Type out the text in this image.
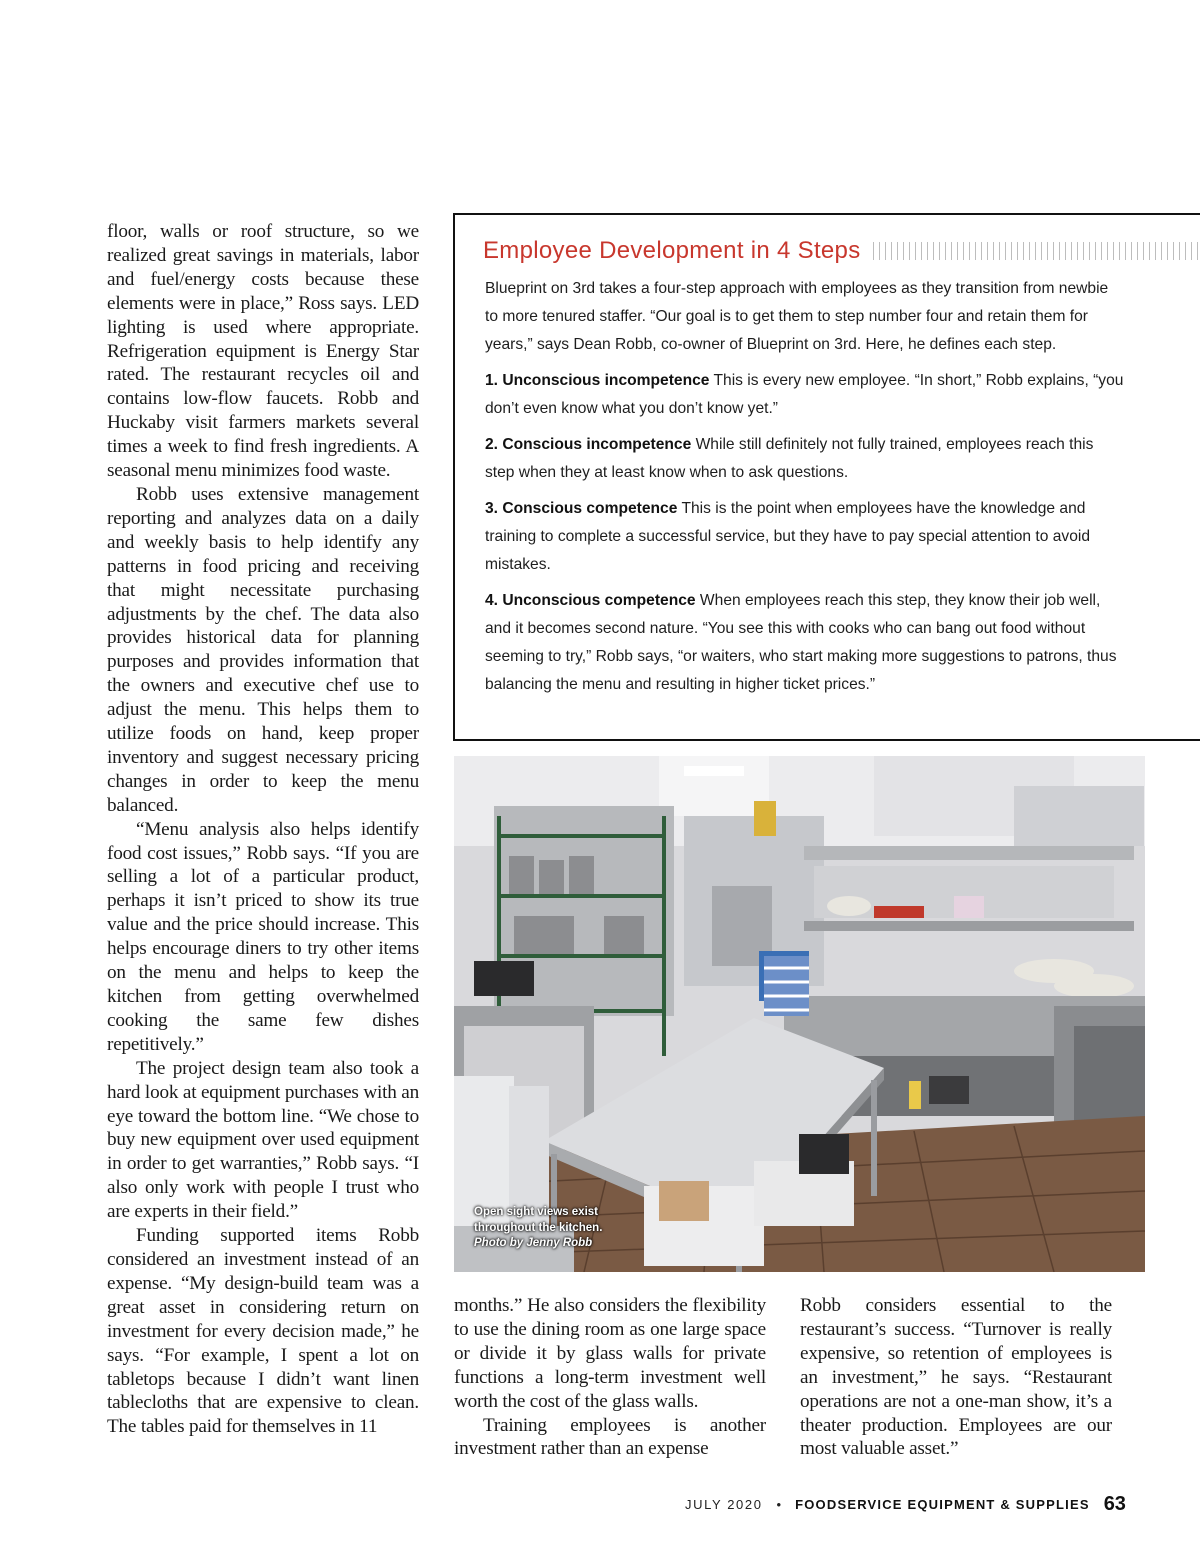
floor, walls or roof structure, so we realized great savings in materials, labor and fuel/energy costs because these elements were in place,” Ross says. LED lighting is used where appropriate. Refrigeration equipment is Energy Star rated. The restaurant recycles oil and contains low-flow faucets. Robb and Huckaby visit farmers markets several times a week to find fresh ingredients. A seasonal menu minimizes food waste.

Robb uses extensive management reporting and analyzes data on a daily and weekly basis to help identify any patterns in food pricing and receiving that might necessitate purchasing adjustments by the chef. The data also provides historical data for planning purposes and provides information that the owners and executive chef use to adjust the menu. This helps them to utilize foods on hand, keep proper inventory and suggest necessary pricing changes in order to keep the menu balanced.

“Menu analysis also helps identify food cost issues,” Robb says. “If you are selling a lot of a particular product, perhaps it isn’t priced to show its true value and the price should increase. This helps encourage diners to try other items on the menu and helps to keep the kitchen from getting overwhelmed cooking the same few dishes repetitively.”

The project design team also took a hard look at equipment purchases with an eye toward the bottom line. “We chose to buy new equipment over used equipment in order to get warranties,” Robb says. “I also only work with people I trust who are experts in their field.”

Funding supported items Robb considered an investment instead of an expense. “My design-build team was a great asset in considering return on investment for every decision made,” he says. “For example, I spent a lot on tabletops because I didn’t want linen tablecloths that are expensive to clean. The tables paid for themselves in 11

Employee Development in 4 Steps

Blueprint on 3rd takes a four-step approach with employees as they transition from newbie to more tenured staffer. “Our goal is to get them to step number four and retain them for years,” says Dean Robb, co-owner of Blueprint on 3rd. Here, he defines each step.

1. Unconscious incompetence This is every new employee. “In short,” Robb explains, “you don’t even know what you don’t know yet.”

2. Conscious incompetence While still definitely not fully trained, employees reach this step when they at least know when to ask questions.

3. Conscious competence This is the point when employees have the knowledge and training to complete a successful service, but they have to pay special attention to avoid mistakes.

4. Unconscious competence When employees reach this step, they know their job well, and it becomes second nature. “You see this with cooks who can bang out food without seeming to try,” Robb says, “or waiters, who start making more suggestions to patrons, thus balancing the menu and resulting in higher ticket prices.”

Open sight views exist
throughout the kitchen.
Photo by Jenny Robb

months.” He also considers the flexibility to use the dining room as one large space or divide it by glass walls for private functions a long-term investment well worth the cost of the glass walls.

Training employees is another investment rather than an expense

Robb considers essential to the restaurant’s success. “Turnover is really expensive, so retention of employees is an investment,” he says. “Restaurant operations are not a one-man show, it’s a theater production. Employees are our most valuable asset.”

JULY 2020 • FOODSERVICE EQUIPMENT & SUPPLIES 63
